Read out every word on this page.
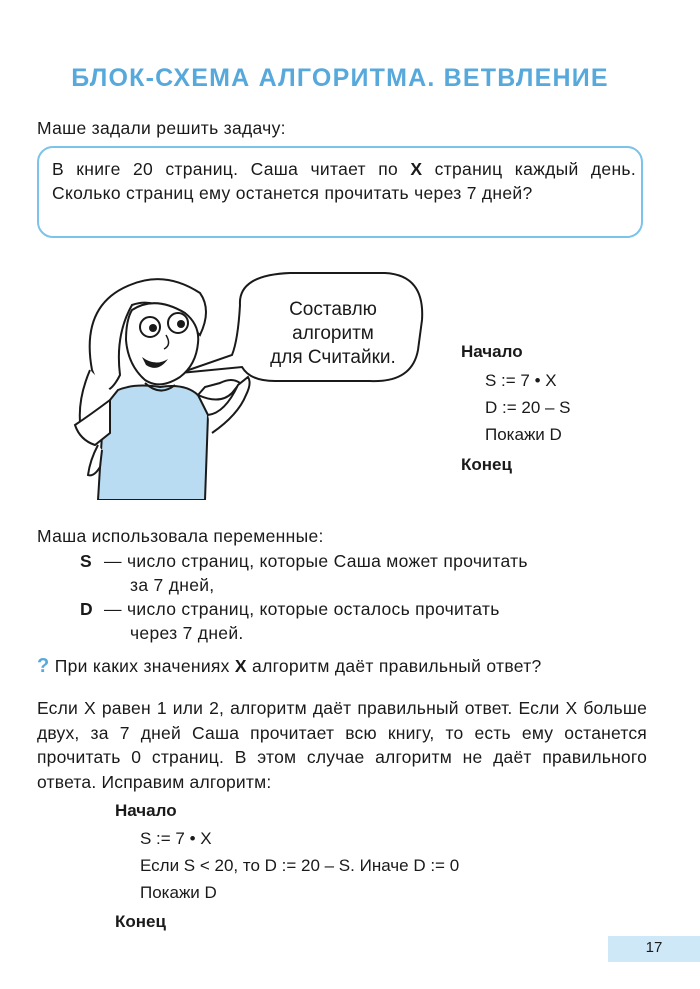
БЛОК-СХЕМА АЛГОРИТМА. ВЕТВЛЕНИЕ
Маше задали решить задачу:
В книге 20 страниц. Саша читает по X страниц каждый день. Сколько страниц ему останется прочитать через 7 дней?
Составлю
алгоритм
для Считайки.	Начало
S := 7 • X
D := 20 – S
Покажи D
Конец
Маша использовала переменные:
S — число страниц, которые Саша может прочитать
за 7 дней,
D — число страниц, которые осталось прочитать
через 7 дней.
? При каких значениях X алгоритм даёт правильный ответ?
Если X равен 1 или 2, алгоритм даёт правильный ответ. Если X больше двух, за 7 дней Саша прочитает всю книгу, то есть ему останется прочитать 0 страниц. В этом случае алгоритм не даёт правильного ответа. Исправим алгоритм:
Начало
S := 7 • X
Если S < 20, то D := 20 – S. Иначе D := 0
Покажи D
Конец
17
